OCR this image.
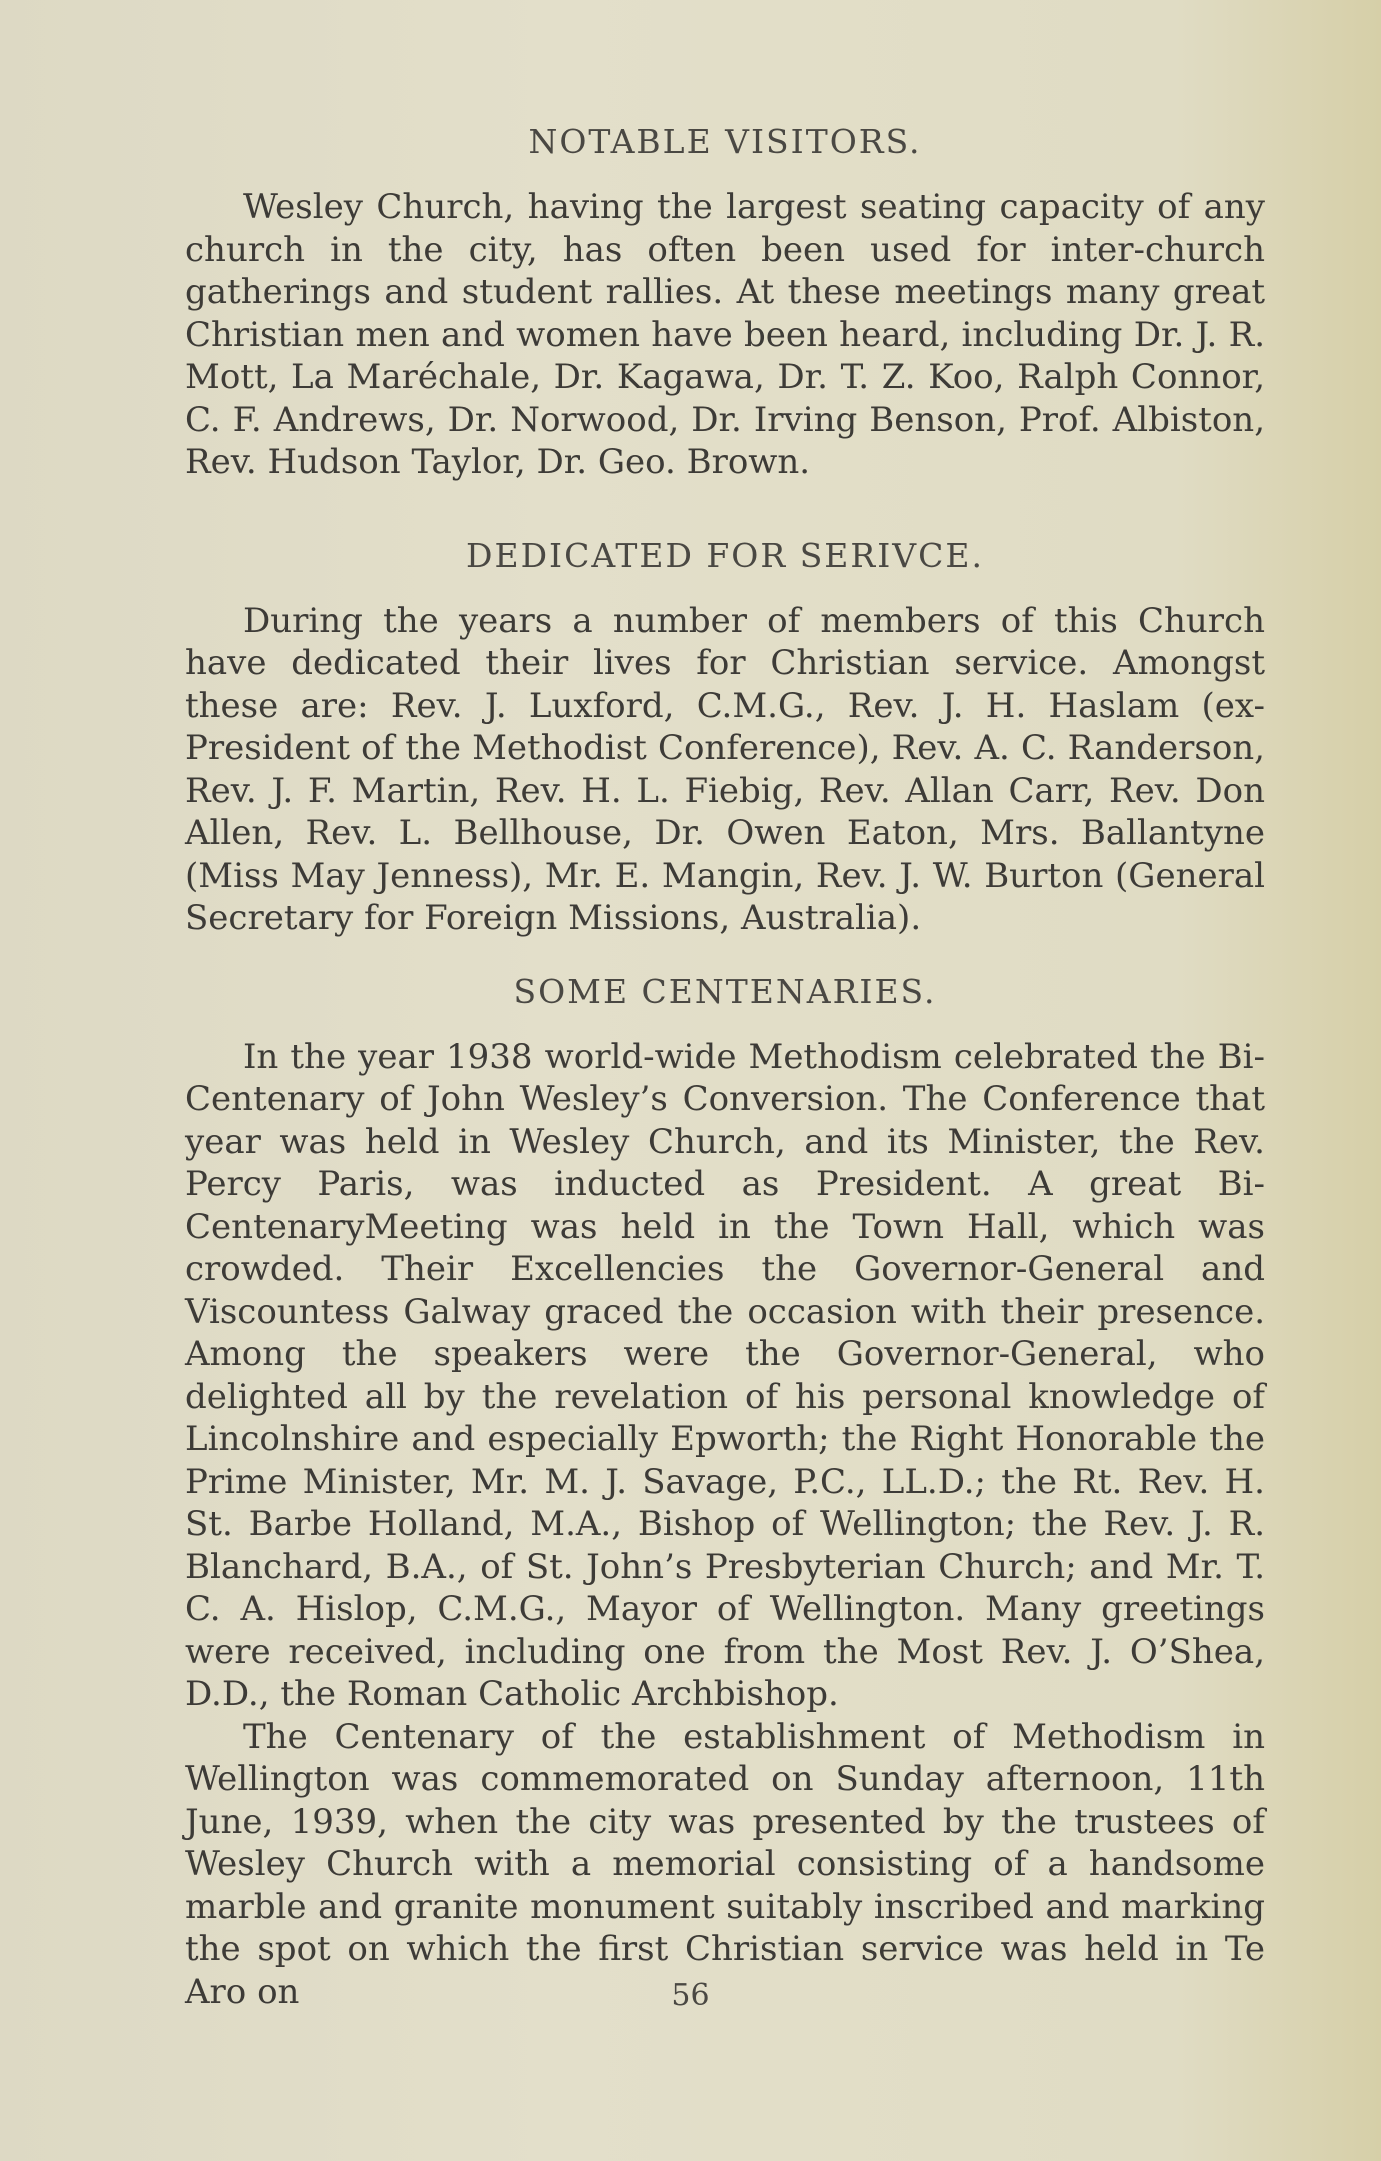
NOTABLE VISITORS.

Wesley Church, having the largest seating capacity of any church in the city, has often been used for inter-church gatherings and student rallies. At these meetings many great Christian men and women have been heard, including Dr. J. R. Mott, La Maréchale, Dr. Kagawa, Dr. T. Z. Koo, Ralph Connor, C. F. Andrews, Dr. Norwood, Dr. Irving Benson, Prof. Albiston, Rev. Hudson Taylor, Dr. Geo. Brown.

DEDICATED FOR SERIVCE.

During the years a number of members of this Church have dedicated their lives for Christian service. Amongst these are: Rev. J. Luxford, C.M.G., Rev. J. H. Haslam (ex-President of the Methodist Conference), Rev. A. C. Randerson, Rev. J. F. Martin, Rev. H. L. Fiebig, Rev. Allan Carr, Rev. Don Allen, Rev. L. Bellhouse, Dr. Owen Eaton, Mrs. Ballantyne (Miss May Jenness), Mr. E. Mangin, Rev. J. W. Burton (General Secretary for Foreign Missions, Australia).

SOME CENTENARIES.

In the year 1938 world-wide Methodism celebrated the Bi-Centenary of John Wesley’s Conversion. The Conference that year was held in Wesley Church, and its Minister, the Rev. Percy Paris, was inducted as President. A great Bi-CentenaryMeeting was held in the Town Hall, which was crowded. Their Excellencies the Governor-General and Viscountess Galway graced the occasion with their presence. Among the speakers were the Governor-General, who delighted all by the revelation of his personal knowledge of Lincolnshire and especially Epworth; the Right Honorable the Prime Minister, Mr. M. J. Savage, P.C., LL.D.; the Rt. Rev. H. St. Barbe Holland, M.A., Bishop of Wellington; the Rev. J. R. Blanchard, B.A., of St. John’s Presbyterian Church; and Mr. T. C. A. Hislop, C.M.G., Mayor of Wellington. Many greetings were received, including one from the Most Rev. J. O’Shea, D.D., the Roman Catholic Archbishop.

The Centenary of the establishment of Methodism in Wellington was commemorated on Sunday afternoon, 11th June, 1939, when the city was presented by the trustees of Wesley Church with a memorial consisting of a handsome marble and granite monument suitably inscribed and marking the spot on which the first Christian service was held in Te Aro on	56
